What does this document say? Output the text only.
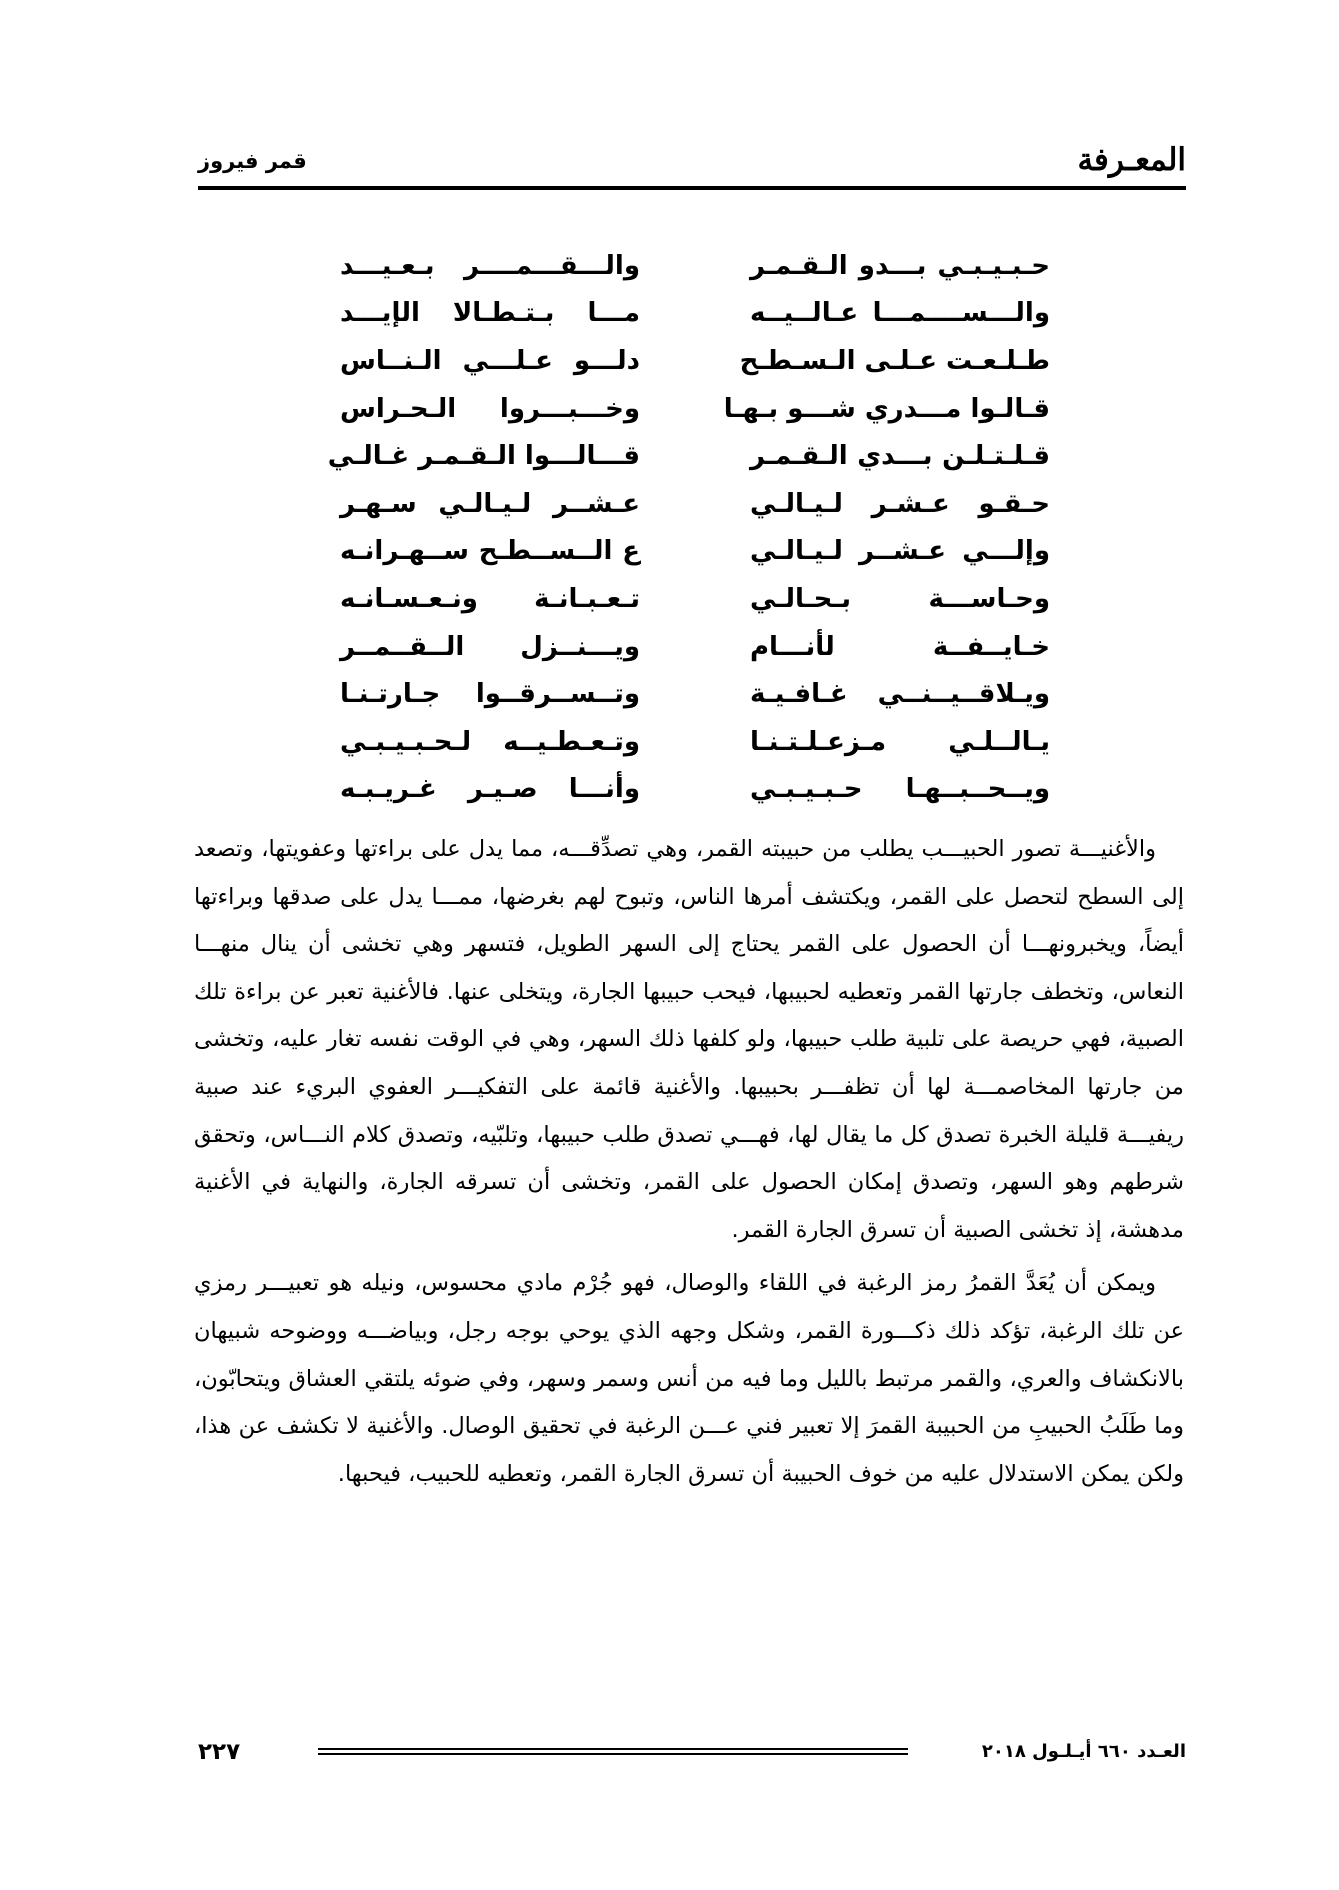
المعـرفة
قمر فيروز
حـبـيـبـي بـــدو الـقـمـر
والـــقـــمــــر بـعـيـــد
والـــســــمـــا عـالــيــه
مـــا بـتـطـالا الإيـــد
طـلـعـت عـلـى الـسـطـح
دلـــو عـلـــي الـنــاس
قـالـوا مـــدري شـــو بـهـا
وخـــبـــروا الـحـراس
قـلـتـلـن بـــدي الـقـمـر
قـــالـــوا الـقـمـر غـالـي
حـقـو عـشـر لـيـالـي
عـشــر لـيـالـي سـهـر
وإلـــي عـشــر لـيـالـي
ع الــســطـح ســهـرانـه
وحـاســـة بـحـالـي
تـعـبـانـة ونـعـسـانـه
خـايــفــة لأنـــام
ويـــنــزل الــقــمــر
ويـلاقــيــنــي غـافـيـة
وتــســرقــوا جـارتـنـا
يـالــلـي مـزعـلـتـنـا
وتـعـطـيــه لـحـبـيـبـي
ويــحــبــهـا حـبـيـبـي
وأنـــا صـيـر غـريـبـه

والأغنيـــة تصور الحبيـــب يطلب من حبيبته القمر، وهي تصدِّقـــه، مما يدل على براءتها وعفويتها، وتصعد إلى السطح لتحصل على القمر، ويكتشف أمرها الناس، وتبوح لهم بغرضها، ممـــا يدل على صدقها وبراءتها أيضاً، ويخبرونهـــا أن الحصول على القمر يحتاج إلى السهر الطويل، فتسهر وهي تخشى أن ينال منهـــا النعاس، وتخطف جارتها القمر وتعطيه لحبيبها، فيحب حبيبها الجارة، ويتخلى عنها. فالأغنية تعبر عن براءة تلك الصبية، فهي حريصة على تلبية طلب حبيبها، ولو كلفها ذلك السهر، وهي في الوقت نفسه تغار عليه، وتخشى من جارتها المخاصمـــة لها أن تظفـــر بحبيبها. والأغنية قائمة على التفكيـــر العفوي البريء عند صبية ريفيـــة قليلة الخبرة تصدق كل ما يقال لها، فهـــي تصدق طلب حبيبها، وتلبّيه، وتصدق كلام النـــاس، وتحقق شرطهم وهو السهر، وتصدق إمكان الحصول على القمر، وتخشى أن تسرقه الجارة، والنهاية في الأغنية مدهشة، إذ تخشى الصبية أن تسرق الجارة القمر.

ويمكن أن يُعَدَّ القمرُ رمز الرغبة في اللقاء والوصال، فهو جُرْم مادي محسوس، ونيله هو تعبيـــر رمزي عن تلك الرغبة، تؤكد ذلك ذكـــورة القمر، وشكل وجهه الذي يوحي بوجه رجل، وبياضـــه ووضوحه شبيهان بالانكشاف والعري، والقمر مرتبط بالليل وما فيه من أنس وسمر وسهر، وفي ضوئه يلتقي العشاق ويتحابّون، وما طَلَبُ الحبيبِ من الحبيبة القمرَ إلا تعبير فني عـــن الرغبة في تحقيق الوصال. والأغنية لا تكشف عن هذا، ولكن يمكن الاستدلال عليه من خوف الحبيبة أن تسرق الجارة القمر، وتعطيه للحبيب، فيحبها.

العـدد ٦٦٠ أيـلـول ٢٠١٨
٢٢٧
